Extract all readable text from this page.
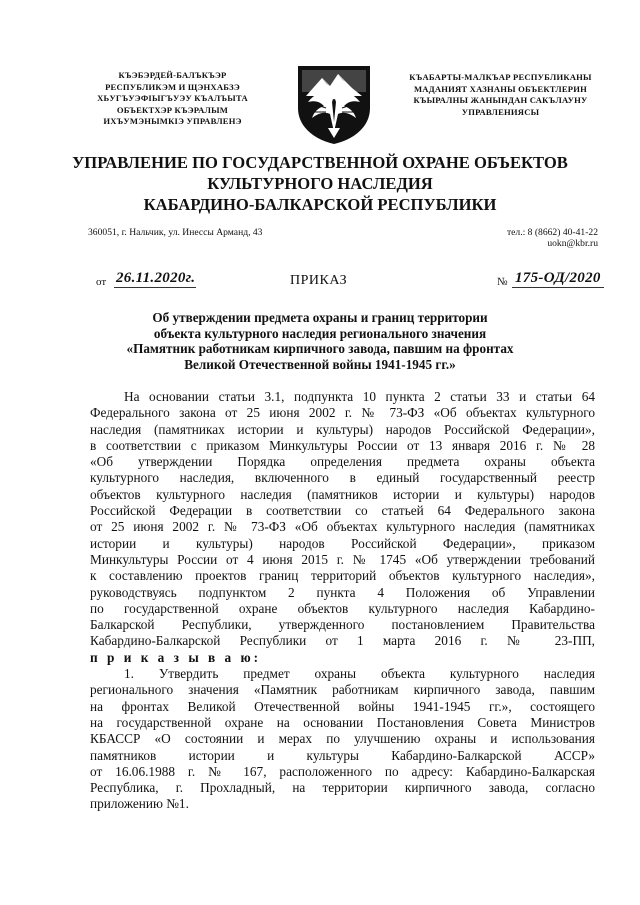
КЪЭБЭРДЕЙ-БАЛЪКЪЭР
РЕСПУБЛИКЭМ И ЩЭНХАБЗЭ
ХЬУГЪУЭФIЫГЪУЭУ КЪАЛЪЫТА
ОБЪЕКТХЭР КЪЭРАЛЫМ
ИХЪУМЭНЫМКIЭ УПРАВЛЕНЭ
КЪАБАРТЫ-МАЛКЪАР РЕСПУБЛИКАНЫ
МАДАНИЯТ ХАЗНАНЫ ОБЪЕКТЛЕРИН
КЪЫРАЛНЫ ЖАНЫНДАН САКЪЛАУНУ
УПРАВЛЕНИЯСЫ
УПРАВЛЕНИЕ ПО ГОСУДАРСТВЕННОЙ ОХРАНЕ ОБЪЕКТОВ
КУЛЬТУРНОГО НАСЛЕДИЯ
КАБАРДИНО-БАЛКАРСКОЙ РЕСПУБЛИКИ
360051, г. Нальчик, ул. Инессы Арманд, 43	тел.: 8 (8662) 40-41-22
uokn@kbr.ru
от 26.11.2020г.	ПРИКАЗ	№ 175-ОД/2020
Об утверждении предмета охраны и границ территории
объекта культурного наследия регионального значения
«Памятник работникам кирпичного завода, павшим на фронтах
Великой Отечественной войны 1941-1945 гг.»
На основании статьи 3.1, подпункта 10 пункта 2 статьи 33 и статьи 64
Федерального закона от 25 июня 2002 г. № 73-ФЗ «Об объектах культурного
наследия (памятниках истории и культуры) народов Российской Федерации»,
в соответствии с приказом Минкультуры России от 13 января 2016 г. № 28
«Об утверждении Порядка определения предмета охраны объекта
культурного наследия, включенного в единый государственный реестр
объектов культурного наследия (памятников истории и культуры) народов
Российской Федерации в соответствии со статьей 64 Федерального закона
от 25 июня 2002 г. № 73-ФЗ «Об объектах культурного наследия (памятниках
истории и культуры) народов Российской Федерации», приказом
Минкультуры России от 4 июня 2015 г. № 1745 «Об утверждении требований
к составлению проектов границ территорий объектов культурного наследия»,
руководствуясь подпунктом 2 пункта 4 Положения об Управлении
по государственной охране объектов культурного наследия Кабардино-
Балкарской Республики, утвержденного постановлением Правительства
Кабардино-Балкарской Республики от 1 марта 2016 г. № 23-ПП,
п р и к а з ы в а ю:
1. Утвердить предмет охраны объекта культурного наследия
регионального значения «Памятник работникам кирпичного завода, павшим
на фронтах Великой Отечественной войны 1941-1945 гг.», состоящего
на государственной охране на основании Постановления Совета Министров
КБАССР «О состоянии и мерах по улучшению охраны и использования
памятников истории и культуры Кабардино-Балкарской АССР»
от 16.06.1988 г. № 167, расположенного по адресу: Кабардино-Балкарская
Республика, г. Прохладный, на территории кирпичного завода, согласно
приложению №1.
